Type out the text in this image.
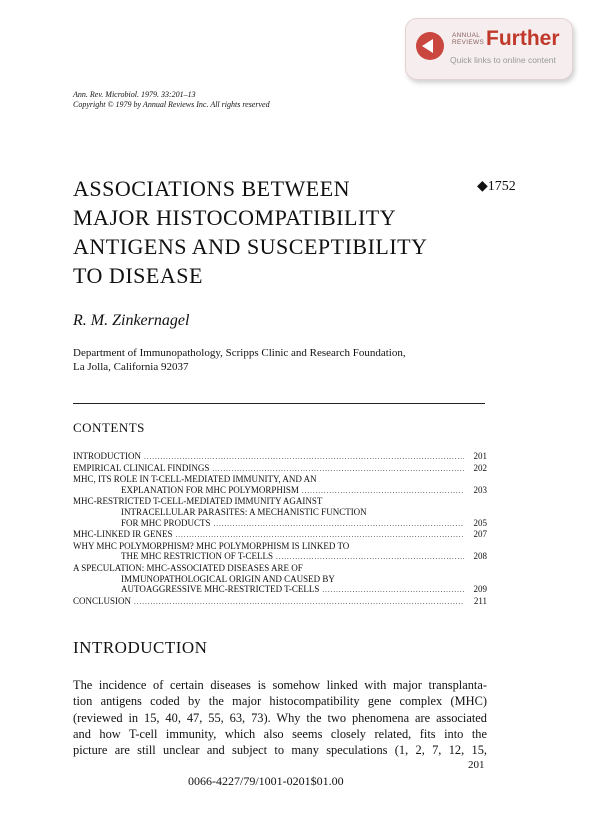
ANNUAL
REVIEWS Further
Quick links to online content
Ann. Rev. Microbiol. 1979. 33:201–13
Copyright © 1979 by Annual Reviews Inc. All rights reserved
ASSOCIATIONS BETWEEN
MAJOR HISTOCOMPATIBILITY
ANTIGENS AND SUSCEPTIBILITY
TO DISEASE
◆1752
R. M. Zinkernagel
Department of Immunopathology, Scripps Clinic and Research Foundation,
La Jolla, California 92037
CONTENTS
INTRODUCTION .....	201
EMPIRICAL CLINICAL FINDINGS .....	202
MHC, ITS ROLE IN T-CELL-MEDIATED IMMUNITY, AND AN
EXPLANATION FOR MHC POLYMORPHISM .....	203
MHC-RESTRICTED T-CELL-MEDIATED IMMUNITY AGAINST
INTRACELLULAR PARASITES: A MECHANISTIC FUNCTION
FOR MHC PRODUCTS .....	205
MHC-LINKED IR GENES .....	207
WHY MHC POLYMORPHISM? MHC POLYMORPHISM IS LINKED TO
THE MHC RESTRICTION OF T-CELLS .....	208
A SPECULATION: MHC-ASSOCIATED DISEASES ARE OF
IMMUNOPATHOLOGICAL ORIGIN AND CAUSED BY
AUTOAGGRESSIVE MHC-RESTRICTED T-CELLS .....	209
CONCLUSION .....	211
INTRODUCTION
The incidence of certain diseases is somehow linked with major transplanta-
tion antigens coded by the major histocompatibility gene complex (MHC)
(reviewed in 15, 40, 47, 55, 63, 73). Why the two phenomena are associated
and how T-cell immunity, which also seems closely related, fits into the
picture are still unclear and subject to many speculations (1, 2, 7, 12, 15,
201
0066-4227/79/1001-0201$01.00
